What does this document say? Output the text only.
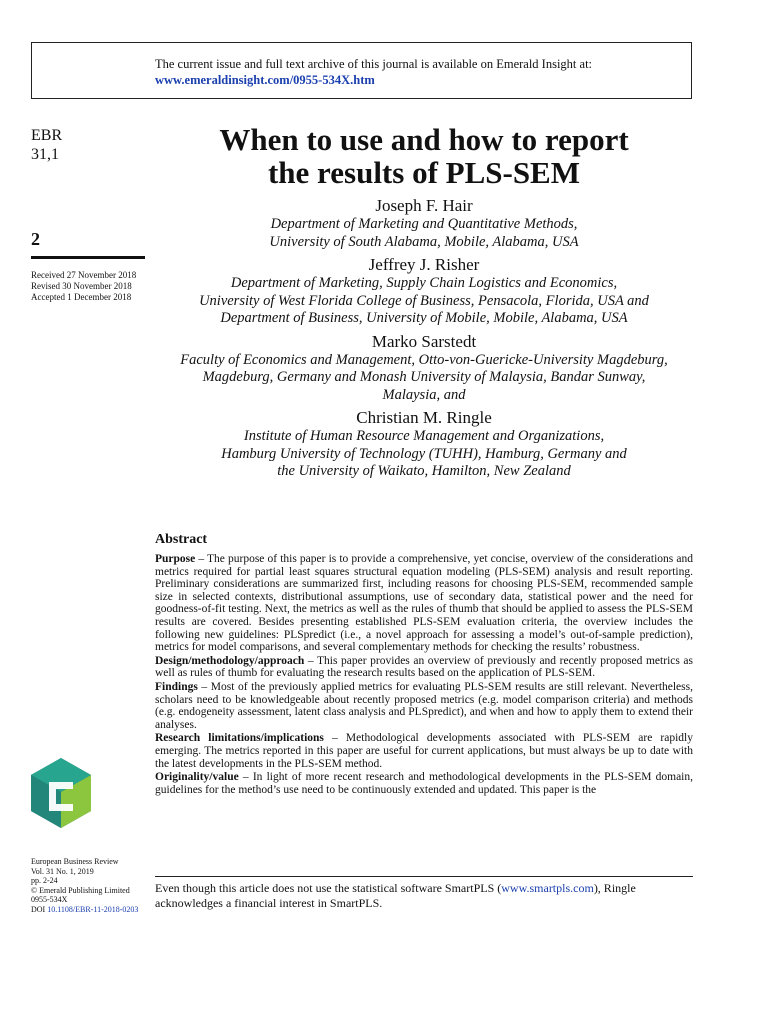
The current issue and full text archive of this journal is available on Emerald Insight at:
www.emeraldinsight.com/0955-534X.htm
EBR
31,1
2
Received 27 November 2018
Revised 30 November 2018
Accepted 1 December 2018
When to use and how to report
the results of PLS-SEM
Joseph F. Hair
Department of Marketing and Quantitative Methods,
University of South Alabama, Mobile, Alabama, USA
Jeffrey J. Risher
Department of Marketing, Supply Chain Logistics and Economics,
University of West Florida College of Business, Pensacola, Florida, USA and
Department of Business, University of Mobile, Mobile, Alabama, USA
Marko Sarstedt
Faculty of Economics and Management, Otto-von-Guericke-University Magdeburg,
Magdeburg, Germany and Monash University of Malaysia, Bandar Sunway,
Malaysia, and
Christian M. Ringle
Institute of Human Resource Management and Organizations,
Hamburg University of Technology (TUHH), Hamburg, Germany and
the University of Waikato, Hamilton, New Zealand
Abstract

Purpose – The purpose of this paper is to provide a comprehensive, yet concise, overview of the considerations and metrics required for partial least squares structural equation modeling (PLS-SEM) analysis and result reporting. Preliminary considerations are summarized first, including reasons for choosing PLS-SEM, recommended sample size in selected contexts, distributional assumptions, use of secondary data, statistical power and the need for goodness-of-fit testing. Next, the metrics as well as the rules of thumb that should be applied to assess the PLS-SEM results are covered. Besides presenting established PLS-SEM evaluation criteria, the overview includes the following new guidelines: PLSpredict (i.e., a novel approach for assessing a model’s out-of-sample prediction), metrics for model comparisons, and several complementary methods for checking the results’ robustness.

Design/methodology/approach – This paper provides an overview of previously and recently proposed metrics as well as rules of thumb for evaluating the research results based on the application of PLS-SEM.

Findings – Most of the previously applied metrics for evaluating PLS-SEM results are still relevant. Nevertheless, scholars need to be knowledgeable about recently proposed metrics (e.g. model comparison criteria) and methods (e.g. endogeneity assessment, latent class analysis and PLSpredict), and when and how to apply them to extend their analyses.

Research limitations/implications – Methodological developments associated with PLS-SEM are rapidly emerging. The metrics reported in this paper are useful for current applications, but must always be up to date with the latest developments in the PLS-SEM method.

Originality/value – In light of more recent research and methodological developments in the PLS-SEM domain, guidelines for the method’s use need to be continuously extended and updated. This paper is the

European Business Review
Vol. 31 No. 1, 2019
pp. 2-24
© Emerald Publishing Limited
0955-534X
DOI 10.1108/EBR-11-2018-0203
Even though this article does not use the statistical software SmartPLS (www.smartpls.com), Ringle acknowledges a financial interest in SmartPLS.
